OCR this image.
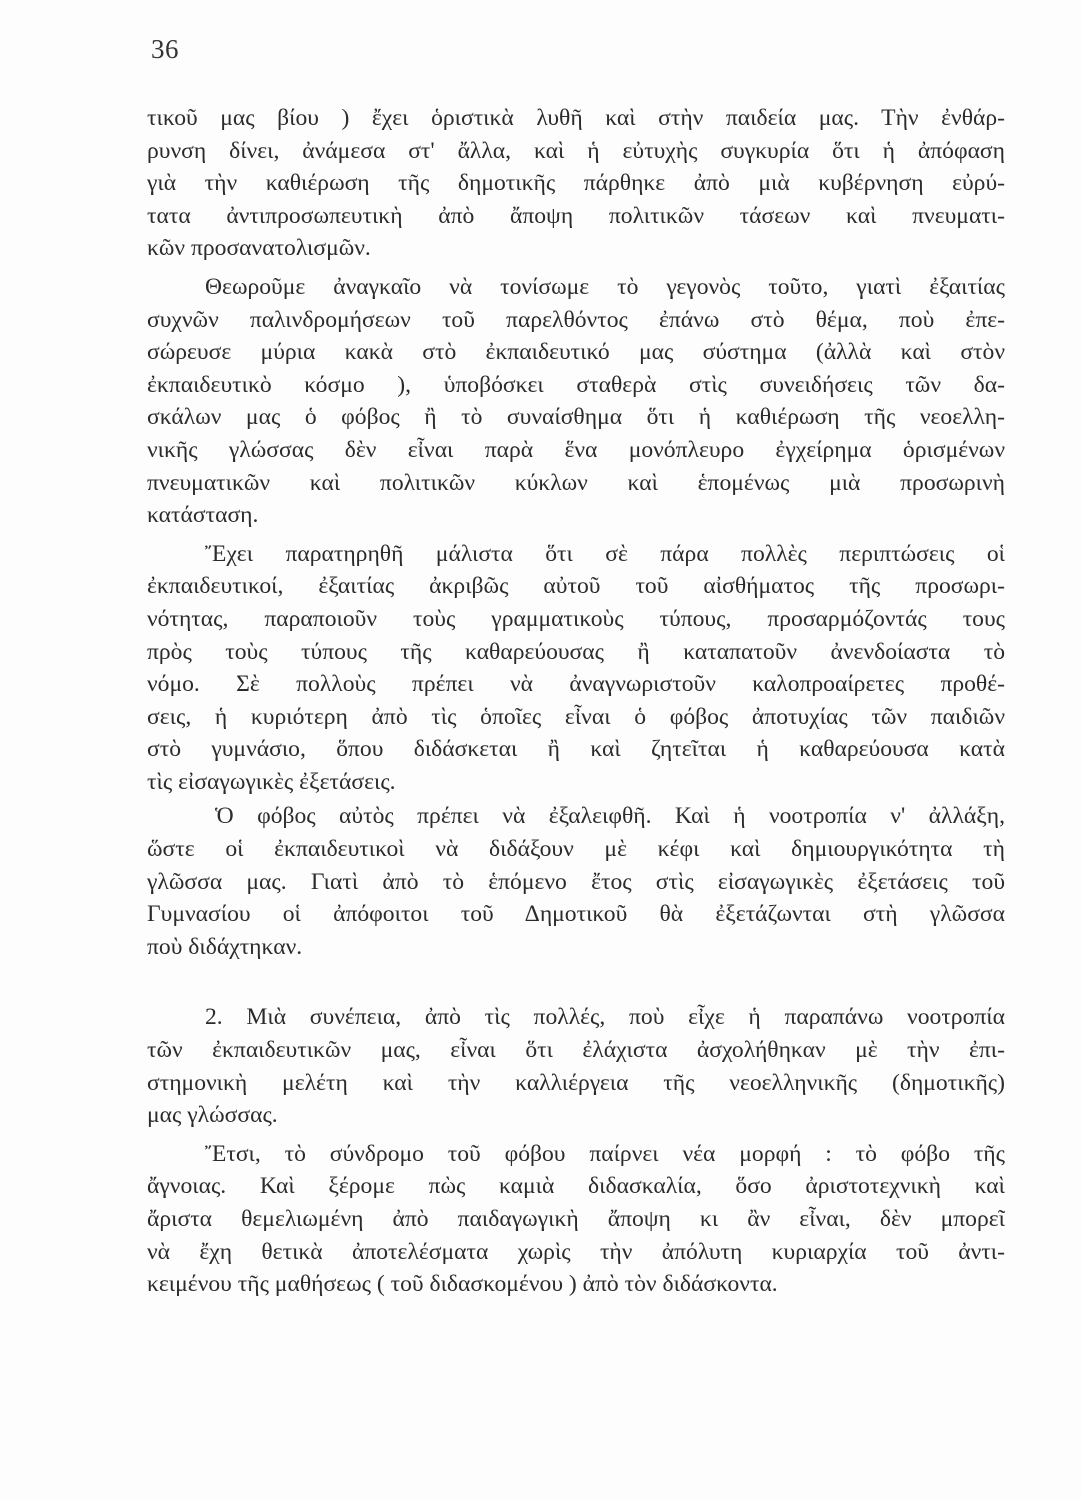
36
τικοῦ μας βίου ) ἔχει ὁριστικὰ λυθῆ καὶ στὴν παιδεία μας. Τὴν ἐνθάρ-
ρυνση δίνει, ἀνάμεσα στ' ἄλλα, καὶ ἡ εὐτυχὴς συγκυρία ὅτι ἡ ἀπόφαση
γιὰ τὴν καθιέρωση τῆς δημοτικῆς πάρθηκε ἀπὸ μιὰ κυβέρνηση εὐρύ-
τατα ἀντιπροσωπευτικὴ ἀπὸ ἄποψη πολιτικῶν τάσεων καὶ πνευματι-
κῶν προσανατολισμῶν.
Θεωροῦμε ἀναγκαῖο νὰ τονίσωμε τὸ γεγονὸς τοῦτο, γιατὶ ἐξαιτίας
συχνῶν παλινδρομήσεων τοῦ παρελθόντος ἐπάνω στὸ θέμα, ποὺ ἐπε-
σώρευσε μύρια κακὰ στὸ ἐκπαιδευτικό μας σύστημα (ἀλλὰ καὶ στὸν
ἐκπαιδευτικὸ κόσμο ), ὑποβόσκει σταθερὰ στὶς συνειδήσεις τῶν δα-
σκάλων μας ὁ φόβος ἢ τὸ συναίσθημα ὅτι ἡ καθιέρωση τῆς νεοελλη-
νικῆς γλώσσας δὲν εἶναι παρὰ ἕνα μονόπλευρο ἐγχείρημα ὁρισμένων
πνευματικῶν καὶ πολιτικῶν κύκλων καὶ ἑπομένως μιὰ προσωρινὴ
κατάσταση.
Ἔχει παρατηρηθῆ μάλιστα ὅτι σὲ πάρα πολλὲς περιπτώσεις οἱ
ἐκπαιδευτικοί, ἐξαιτίας ἀκριβῶς αὐτοῦ τοῦ αἰσθήματος τῆς προσωρι-
νότητας, παραποιοῦν τοὺς γραμματικοὺς τύπους, προσαρμόζοντάς τους
πρὸς τοὺς τύπους τῆς καθαρεύουσας ἢ καταπατοῦν ἀνενδοίαστα τὸ
νόμο. Σὲ πολλοὺς πρέπει νὰ ἀναγνωριστοῦν καλοπροαίρετες προθέ-
σεις, ἡ κυριότερη ἀπὸ τὶς ὁποῖες εἶναι ὁ φόβος ἀποτυχίας τῶν παιδιῶν
στὸ γυμνάσιο, ὅπου διδάσκεται ἢ καὶ ζητεῖται ἡ καθαρεύουσα κατὰ
τὶς εἰσαγωγικὲς ἐξετάσεις.
Ὁ φόβος αὐτὸς πρέπει νὰ ἐξαλειφθῆ. Καὶ ἡ νοοτροπία ν' ἀλλάξη,
ὥστε οἱ ἐκπαιδευτικοὶ νὰ διδάξουν μὲ κέφι καὶ δημιουργικότητα τὴ
γλῶσσα μας. Γιατὶ ἀπὸ τὸ ἑπόμενο ἔτος στὶς εἰσαγωγικὲς ἐξετάσεις τοῦ
Γυμνασίου οἱ ἀπόφοιτοι τοῦ Δημοτικοῦ θὰ ἐξετάζωνται στὴ γλῶσσα
ποὺ διδάχτηκαν.
2. Μιὰ συνέπεια, ἀπὸ τὶς πολλές, ποὺ εἶχε ἡ παραπάνω νοοτροπία
τῶν ἐκπαιδευτικῶν μας, εἶναι ὅτι ἐλάχιστα ἀσχολήθηκαν μὲ τὴν ἐπι-
στημονικὴ μελέτη καὶ τὴν καλλιέργεια τῆς νεοελληνικῆς (δημοτικῆς)
μας γλώσσας.
Ἔτσι, τὸ σύνδρομο τοῦ φόβου παίρνει νέα μορφή : τὸ φόβο τῆς
ἄγνοιας. Καὶ ξέρομε πὼς καμιὰ διδασκαλία, ὅσο ἀριστοτεχνικὴ καὶ
ἄριστα θεμελιωμένη ἀπὸ παιδαγωγικὴ ἄποψη κι ἂν εἶναι, δὲν μπορεῖ
νὰ ἔχη θετικὰ ἀποτελέσματα χωρὶς τὴν ἀπόλυτη κυριαρχία τοῦ ἀντι-
κειμένου τῆς μαθήσεως ( τοῦ διδασκομένου ) ἀπὸ τὸν διδάσκοντα.
